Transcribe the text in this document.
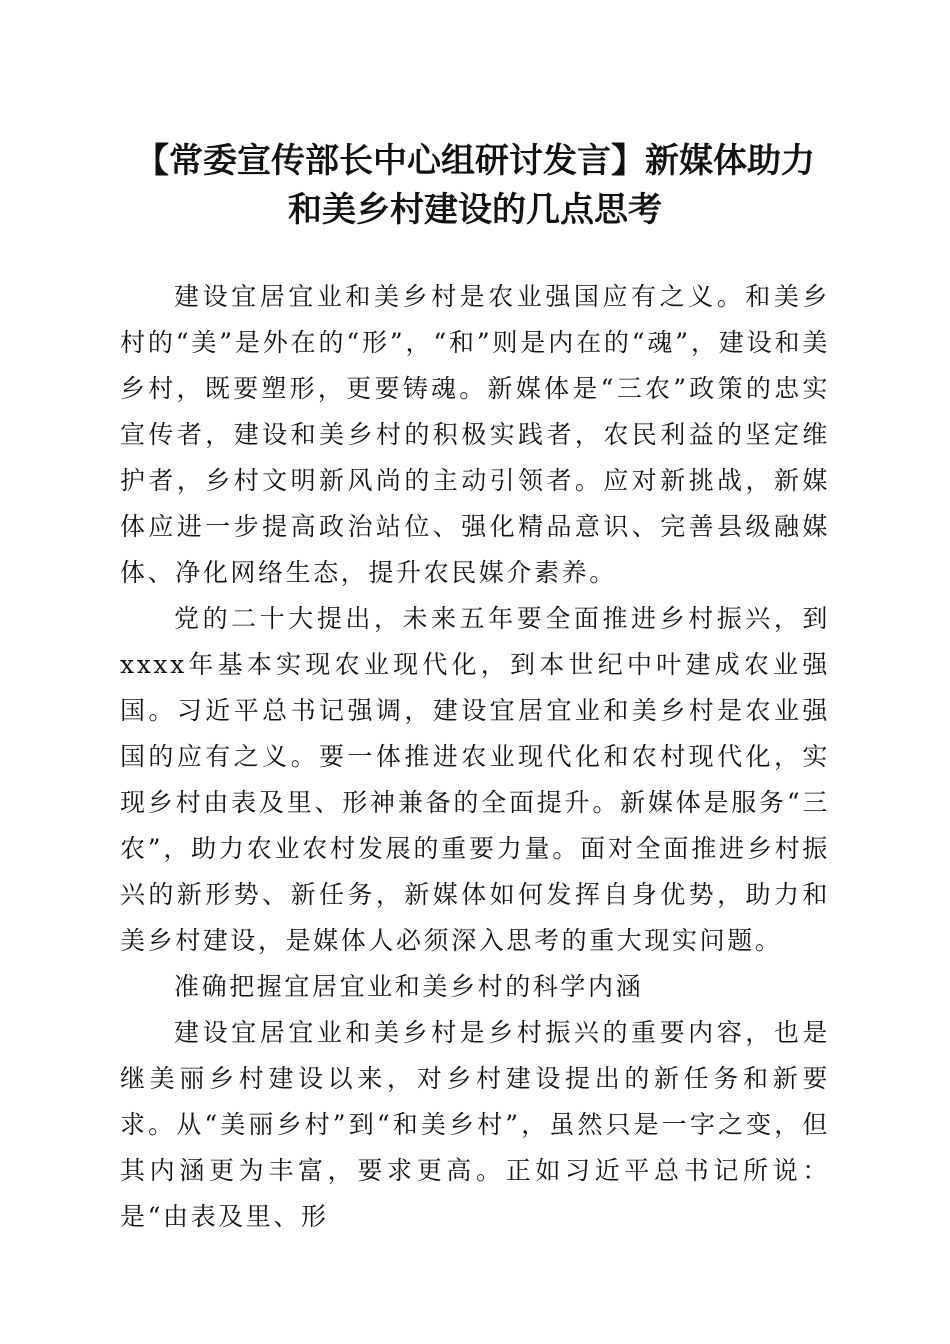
【常委宣传部长中心组研讨发言】新媒体助力
和美乡村建设的几点思考

建设宜居宜业和美乡村是农业强国应有之义。和美乡村的“美”是外在的“形”，“和”则是内在的“魂”，建设和美乡村，既要塑形，更要铸魂。新媒体是“三农”政策的忠实宣传者，建设和美乡村的积极实践者，农民利益的坚定维护者，乡村文明新风尚的主动引领者。应对新挑战，新媒体应进一步提高政治站位、强化精品意识、完善县级融媒体、净化网络生态，提升农民媒介素养。

党的二十大提出，未来五年要全面推进乡村振兴，到xxxx年基本实现农业现代化，到本世纪中叶建成农业强国。习近平总书记强调，建设宜居宜业和美乡村是农业强国的应有之义。要一体推进农业现代化和农村现代化，实现乡村由表及里、形神兼备的全面提升。新媒体是服务“三农”，助力农业农村发展的重要力量。面对全面推进乡村振兴的新形势、新任务，新媒体如何发挥自身优势，助力和美乡村建设，是媒体人必须深入思考的重大现实问题。

准确把握宜居宜业和美乡村的科学内涵

建设宜居宜业和美乡村是乡村振兴的重要内容，也是继美丽乡村建设以来，对乡村建设提出的新任务和新要求。从“美丽乡村”到“和美乡村”，虽然只是一字之变，但其内涵更为丰富，要求更高。正如习近平总书记所说：是“由表及里、形
